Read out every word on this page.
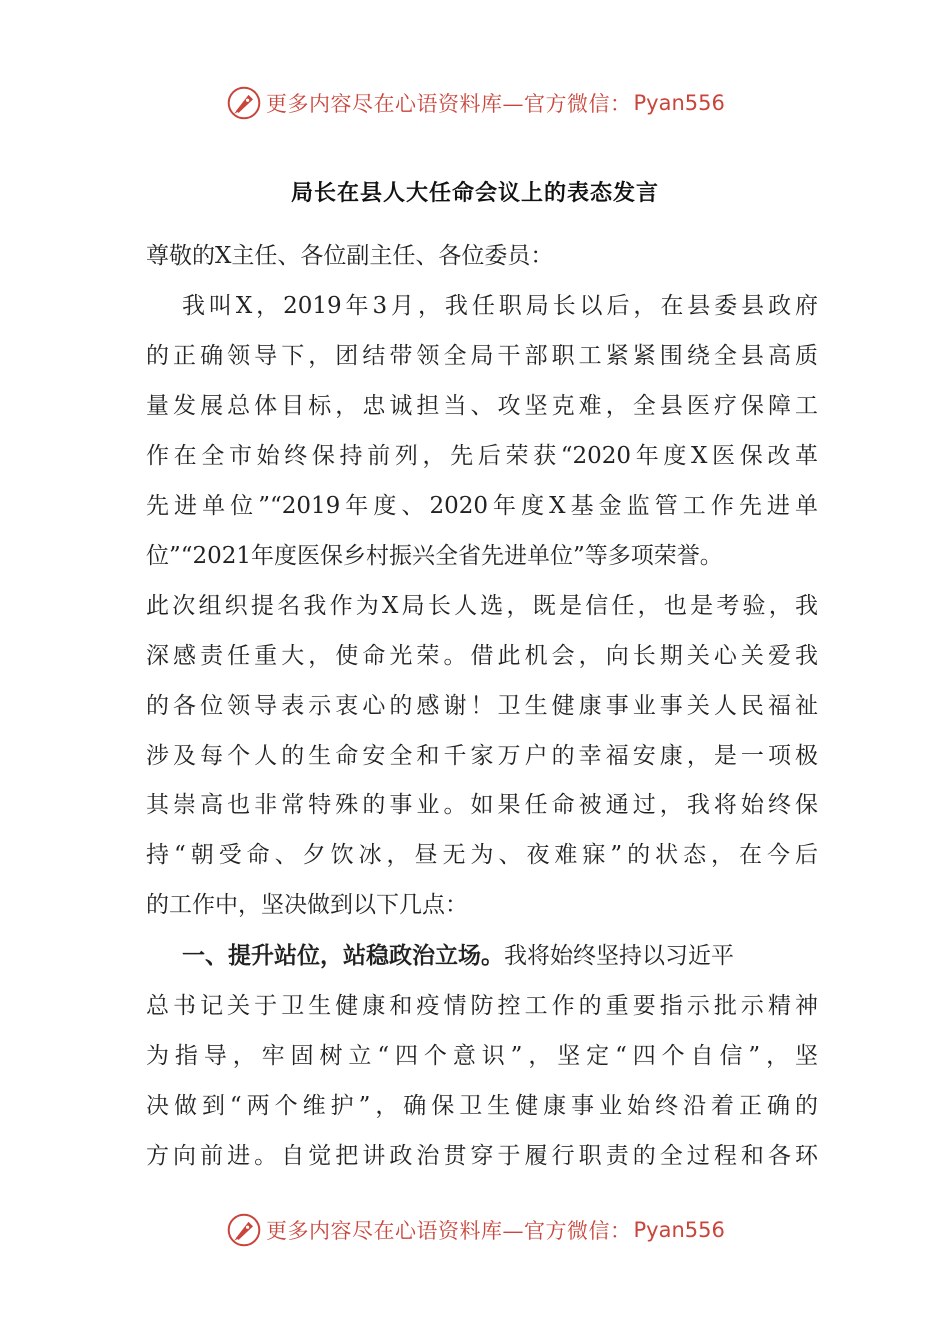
更多内容尽在心语资料库—官方微信： Pyan556
局长在县人大任命会议上的表态发言
尊敬的X主任、各位副主任、各位委员：
我叫X，2019年3月，我任职局长以后，在县委县政府
的正确领导下，团结带领全局干部职工紧紧围绕全县高质
量发展总体目标，忠诚担当、攻坚克难，全县医疗保障工
作在全市始终保持前列，先后荣获“2020年度X医保改革
先进单位”“2019年度、2020年度X基金监管工作先进单
位”“2021年度医保乡村振兴全省先进单位”等多项荣誉。
此次组织提名我作为X局长人选，既是信任，也是考验，我
深感责任重大，使命光荣。借此机会，向长期关心关爱我
的各位领导表示衷心的感谢！卫生健康事业事关人民福祉
涉及每个人的生命安全和千家万户的幸福安康，是一项极
其崇高也非常特殊的事业。如果任命被通过，我将始终保
持“朝受命、夕饮冰，昼无为、夜难寐”的状态，在今后
的工作中，坚决做到以下几点：
一、提升站位，站稳政治立场。我将始终坚持以习近平
总书记关于卫生健康和疫情防控工作的重要指示批示精神
为指导，牢固树立“四个意识”，坚定“四个自信”，坚
决做到“两个维护”，确保卫生健康事业始终沿着正确的
方向前进。自觉把讲政治贯穿于履行职责的全过程和各环
更多内容尽在心语资料库—官方微信： Pyan556
